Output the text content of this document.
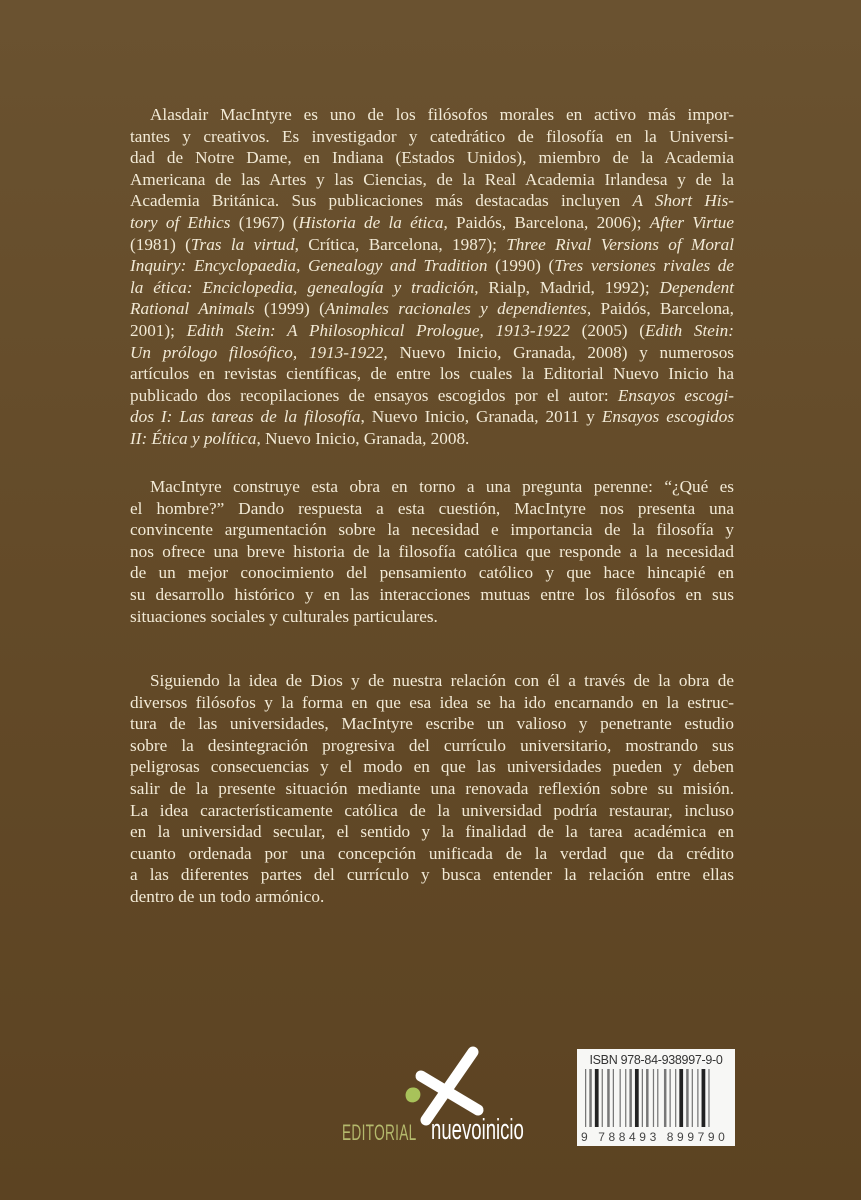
Alasdair MacIntyre es uno de los filósofos morales en activo más impor-
tantes y creativos. Es investigador y catedrático de filosofía en la Universi-
dad de Notre Dame, en Indiana (Estados Unidos), miembro de la Academia
Americana de las Artes y las Ciencias, de la Real Academia Irlandesa y de la
Academia Británica. Sus publicaciones más destacadas incluyen A Short His-
tory of Ethics (1967) (Historia de la ética, Paidós, Barcelona, 2006); After Virtue
(1981) (Tras la virtud, Crítica, Barcelona, 1987); Three Rival Versions of Moral
Inquiry: Encyclopaedia, Genealogy and Tradition (1990) (Tres versiones rivales de
la ética: Enciclopedia, genealogía y tradición, Rialp, Madrid, 1992); Dependent
Rational Animals (1999) (Animales racionales y dependientes, Paidós, Barcelona,
2001); Edith Stein: A Philosophical Prologue, 1913-1922 (2005) (Edith Stein:
Un prólogo filosófico, 1913-1922, Nuevo Inicio, Granada, 2008) y numerosos
artículos en revistas científicas, de entre los cuales la Editorial Nuevo Inicio ha
publicado dos recopilaciones de ensayos escogidos por el autor: Ensayos escogi-
dos I: Las tareas de la filosofía, Nuevo Inicio, Granada, 2011 y Ensayos escogidos
II: Ética y política, Nuevo Inicio, Granada, 2008.
MacIntyre construye esta obra en torno a una pregunta perenne: “¿Qué es
el hombre?” Dando respuesta a esta cuestión, MacIntyre nos presenta una
convincente argumentación sobre la necesidad e importancia de la filosofía y
nos ofrece una breve historia de la filosofía católica que responde a la necesidad
de un mejor conocimiento del pensamiento católico y que hace hincapié en
su desarrollo histórico y en las interacciones mutuas entre los filósofos en sus
situaciones sociales y culturales particulares.
Siguiendo la idea de Dios y de nuestra relación con él a través de la obra de
diversos filósofos y la forma en que esa idea se ha ido encarnando en la estruc-
tura de las universidades, MacIntyre escribe un valioso y penetrante estudio
sobre la desintegración progresiva del currículo universitario, mostrando sus
peligrosas consecuencias y el modo en que las universidades pueden y deben
salir de la presente situación mediante una renovada reflexión sobre su misión.
La idea característicamente católica de la universidad podría restaurar, incluso
en la universidad secular, el sentido y la finalidad de la tarea académica en
cuanto ordenada por una concepción unificada de la verdad que da crédito
a las diferentes partes del currículo y busca entender la relación entre ellas
dentro de un todo armónico.
EDITORIAL nuevoinicio
ISBN 978-84-938997-9-0
9 788493 899790
